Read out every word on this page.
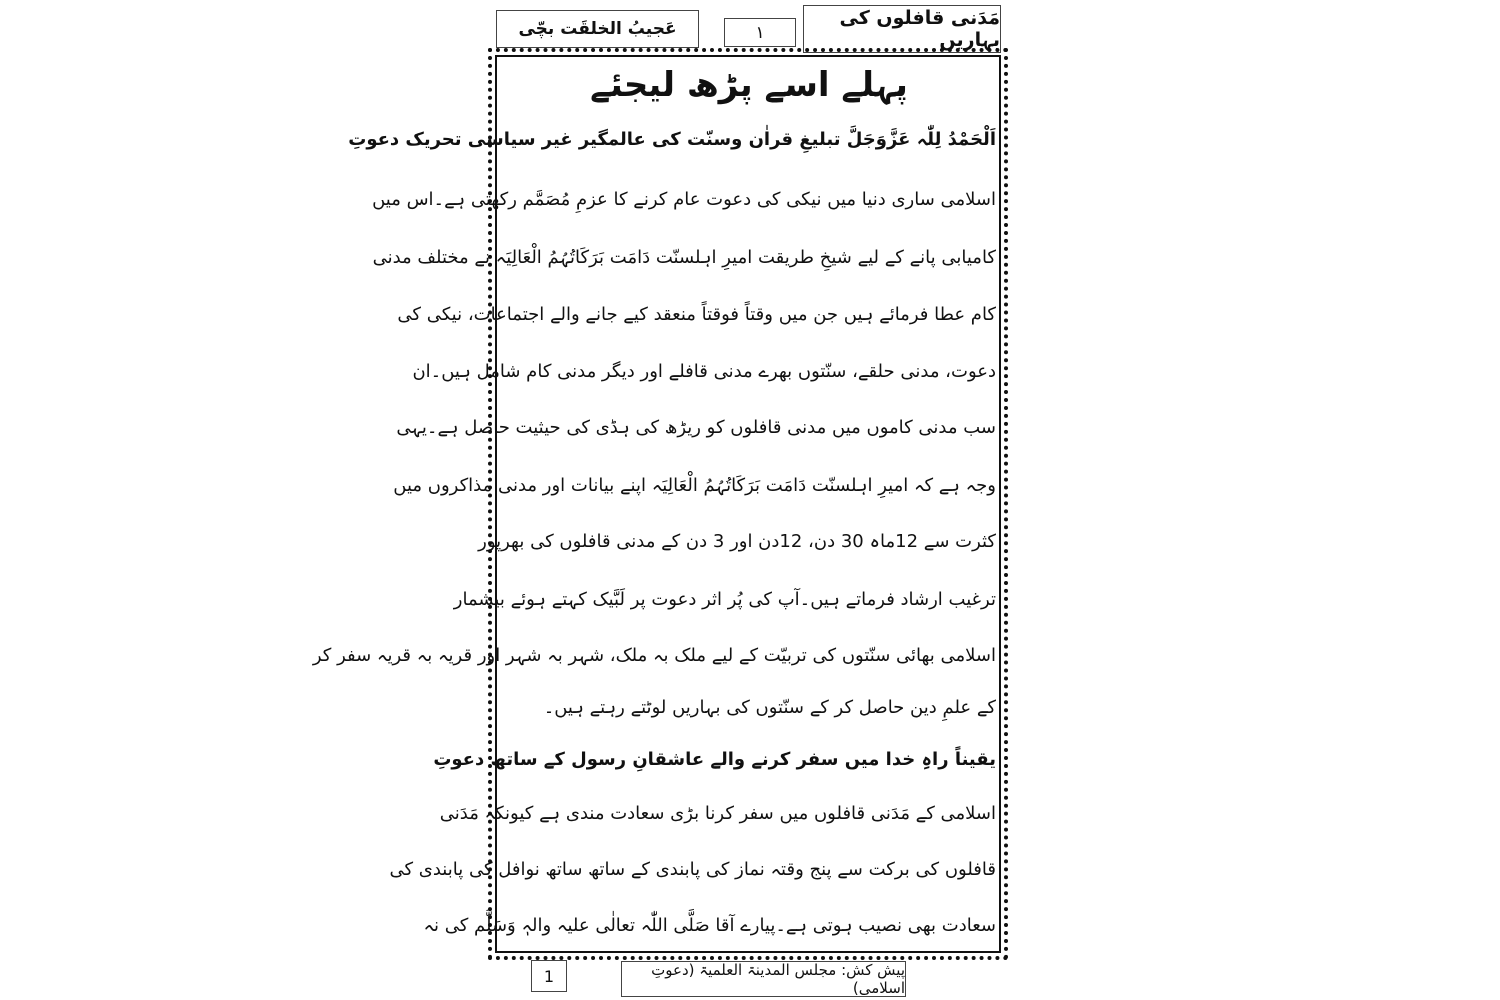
مَدَنی قافلوں کی بہاریں
۱
عَجیبُ الخلقَت بچّی
پہلے اسے پڑھ لیجئے
اَلْحَمْدُ لِلّٰہ عَزَّوَجَلَّ تبلیغِ قراٰن وسنّت کی عالمگیر غیر سیاسی تحریک دعوتِ
اسلامی ساری دنیا میں نیکی کی دعوت عام کرنے کا عزمِ مُصَمَّم رکھتی ہے۔اس میں
کامیابی پانے کے لیے شیخِ طریقت امیرِ اہلسنّت دَامَت بَرَکَاتُہُمُ الْعَالِیَہ نے مختلف مدنی
کام عطا فرمائے ہیں جن میں وقتاً فوقتاً منعقد کیے جانے والے اجتماعات، نیکی کی
دعوت، مدنی حلقے، سنّتوں بھرے مدنی قافلے اور دیگر مدنی کام شامل ہیں۔ان
سب مدنی کاموں میں مدنی قافلوں کو ریڑھ کی ہڈی کی حیثیت حاصل ہے۔یہی
وجہ ہے کہ امیرِ اہلسنّت دَامَت بَرَکَاتُہُمُ الْعَالِیَہ اپنے بیانات اور مدنی مذاکروں میں
کثرت سے 12ماہ 30 دن، 12دن اور 3 دن کے مدنی قافلوں کی بھرپور
ترغیب ارشاد فرماتے ہیں۔آپ کی پُر اثر دعوت پر لَبَّیک کہتے ہوئے بیشمار
اسلامی بھائی سنّتوں کی تربیّت کے لیے ملک بہ ملک، شہر بہ شہر اور قریہ بہ قریہ سفر کر
کے علمِ دین حاصل کر کے سنّتوں کی بہاریں لوٹتے رہتے ہیں۔
یقیناً راہِ خدا میں سفر کرنے والے عاشقانِ رسول کے ساتھ دعوتِ
اسلامی کے مَدَنی قافلوں میں سفر کرنا بڑی سعادت مندی ہے کیونکہ مَدَنی
قافلوں کی برکت سے پنج وقتہ نماز کی پابندی کے ساتھ ساتھ نوافل کی پابندی کی
سعادت بھی نصیب ہوتی ہے۔پیارے آقا صَلَّی اللّٰہ تعالٰی علیہ والہٖ وَسَلَّم کی نہ
1	پیش کش: مجلس المدینۃ العلمیۃ (دعوتِ اسلامی)
